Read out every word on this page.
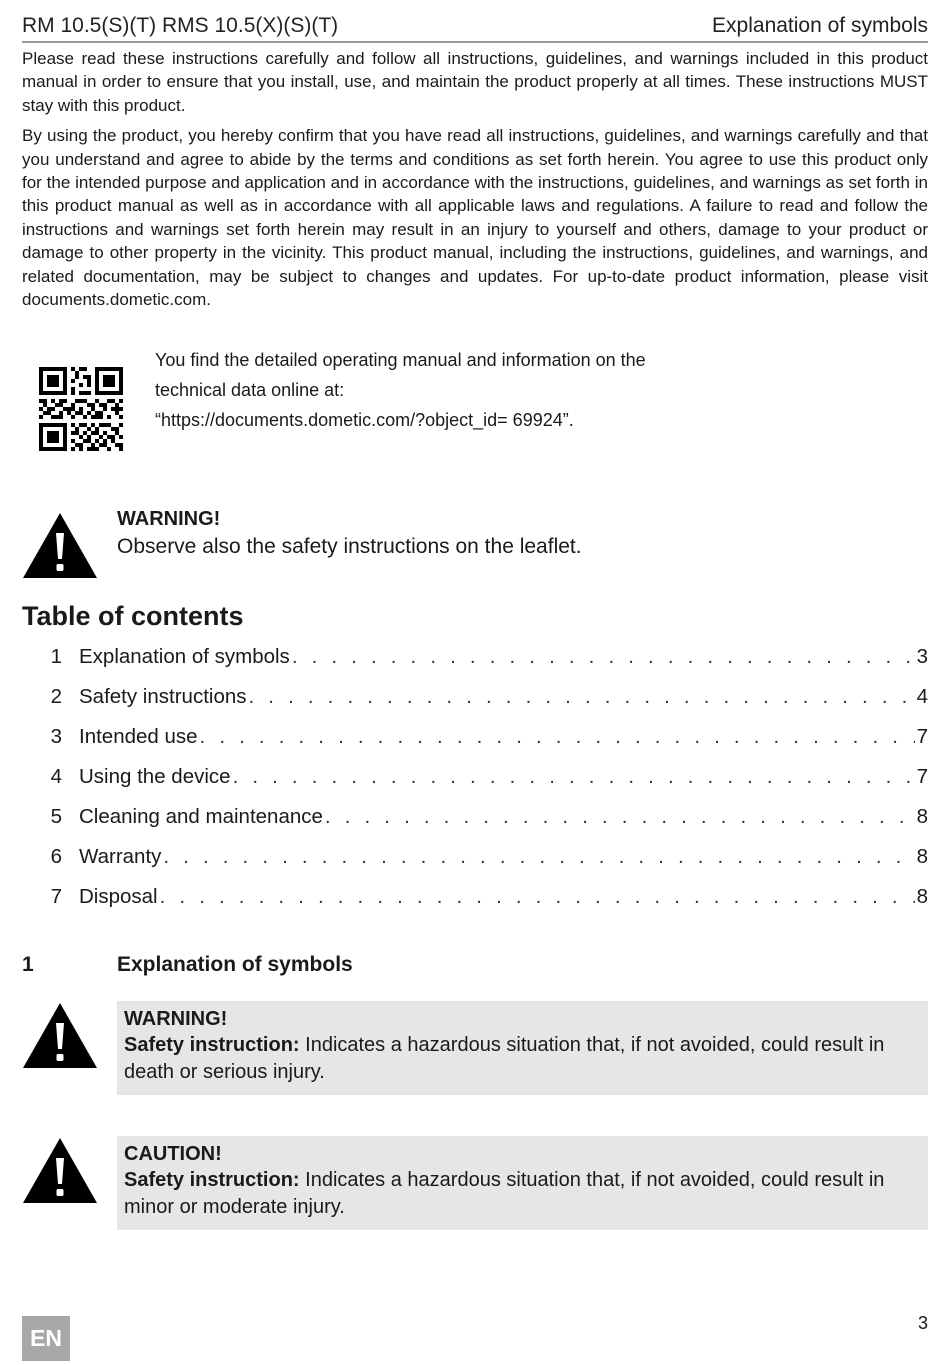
RM 10.5(S)(T) RMS 10.5(X)(S)(T)	Explanation of symbols

Please read these instructions carefully and follow all instructions, guidelines, and warnings included in this product manual in order to ensure that you install, use, and maintain the product properly at all times. These instructions MUST stay with this product.

By using the product, you hereby confirm that you have read all instructions, guidelines, and warnings carefully and that you understand and agree to abide by the terms and conditions as set forth herein. You agree to use this product only for the intended purpose and application and in accordance with the instructions, guidelines, and warnings as set forth in this product manual as well as in accordance with all applicable laws and regulations. A failure to read and follow the instructions and warnings set forth herein may result in an injury to yourself and others, damage to your product or damage to other property in the vicinity. This product manual, including the instructions, guidelines, and warnings, and related documentation, may be subject to changes and updates. For up-to-date product information, please visit documents.dometic.com.

You find the detailed operating manual and information on the
technical data online at:
“https://documents.dometic.com/?object_id= 69924”.
WARNING!
Observe also the safety instructions on the leaflet.
Table of contents
1 Explanation of symbols . . .	3
2 Safety instructions . . .	4
3 Intended use . . .	7
4 Using the device . . .	7
5 Cleaning and maintenance . . .	8
6 Warranty . . .	8
7 Disposal . . .	8
1	Explanation of symbols
WARNING!
Safety instruction: Indicates a hazardous situation that, if not avoided, could result in death or serious injury.
CAUTION!
Safety instruction: Indicates a hazardous situation that, if not avoided, could result in minor or moderate injury.
EN
3
